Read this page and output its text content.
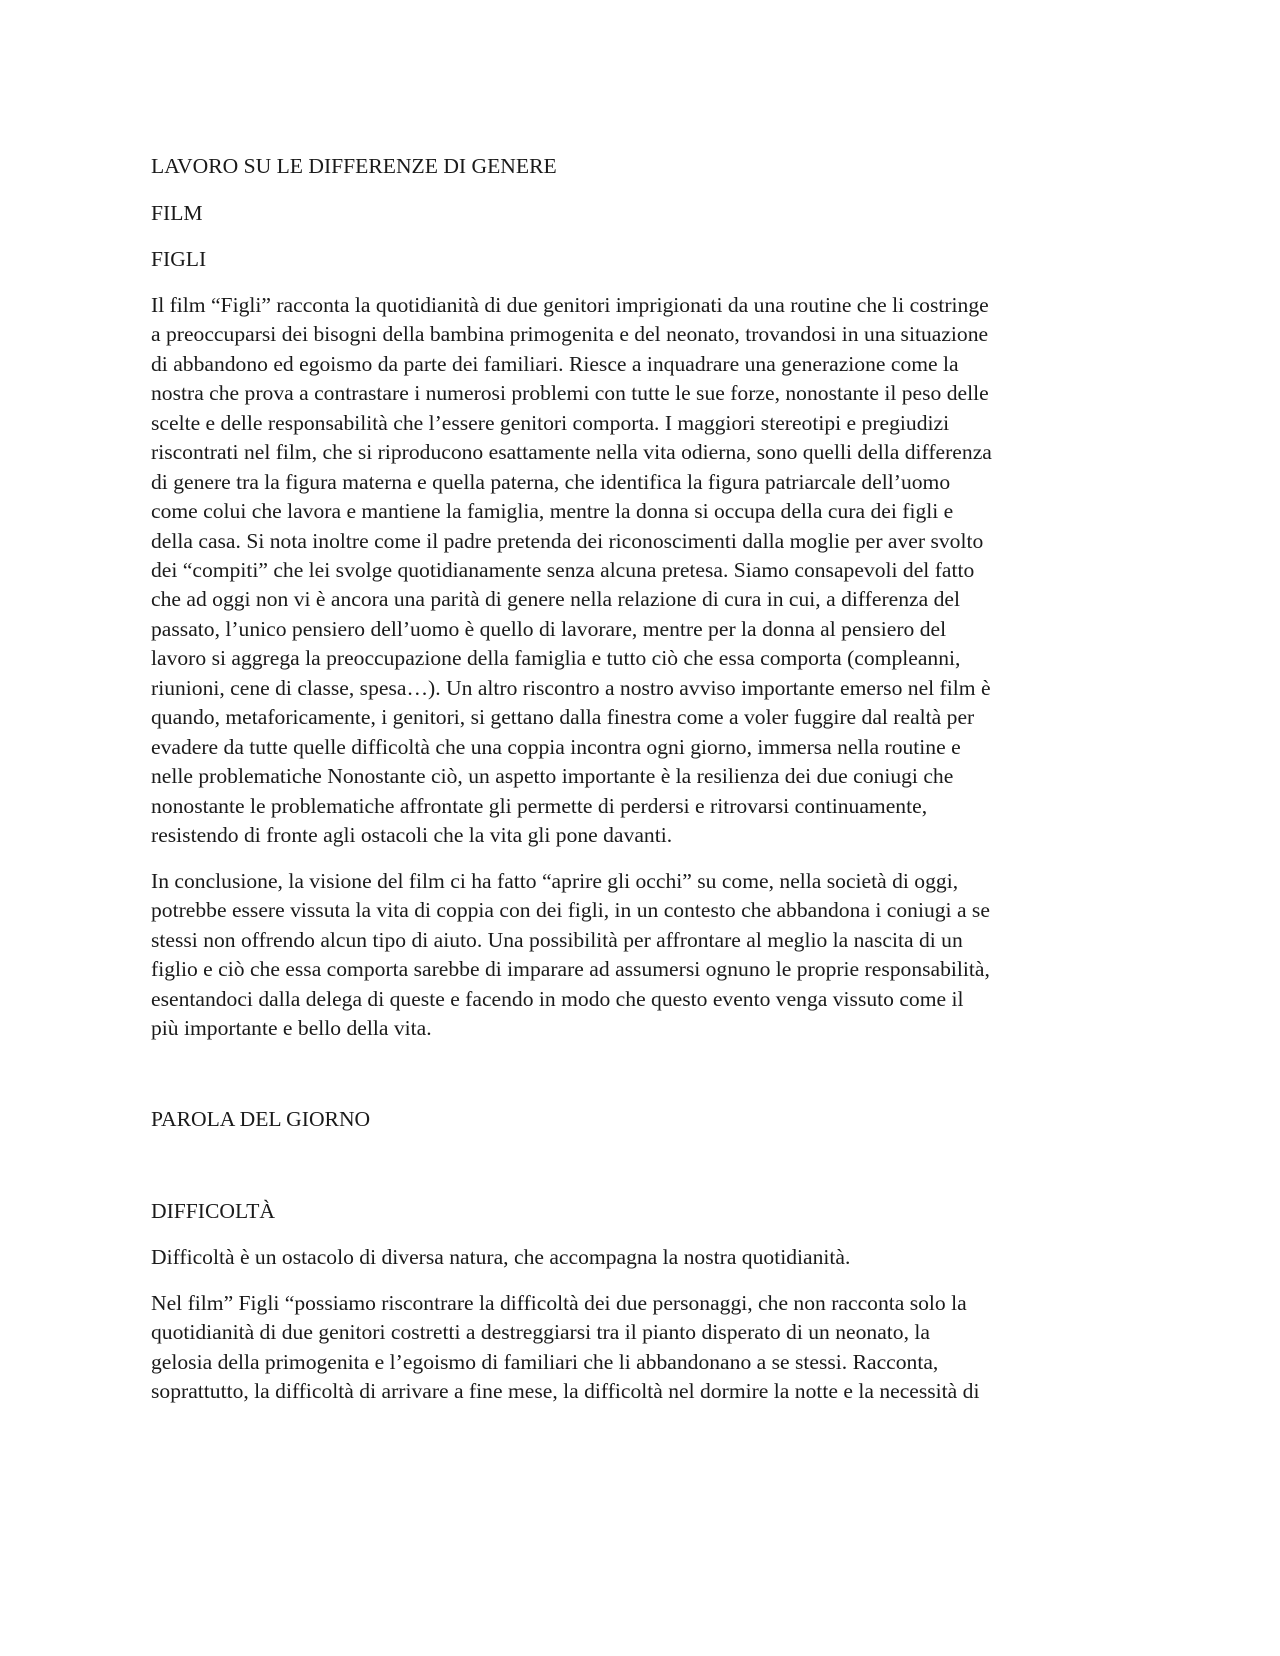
LAVORO SU LE DIFFERENZE DI GENERE
FILM
FIGLI
Il film “Figli” racconta la quotidianità di due genitori imprigionati da una routine che li costringe
a preoccuparsi dei bisogni della bambina primogenita e del neonato, trovandosi in una situazione
di abbandono ed egoismo da parte dei familiari. Riesce a inquadrare una generazione come la
nostra che prova a contrastare i numerosi problemi con tutte le sue forze, nonostante il peso delle
scelte e delle responsabilità che l’essere genitori comporta. I maggiori stereotipi e pregiudizi
riscontrati nel film, che si riproducono esattamente nella vita odierna, sono quelli della differenza
di genere tra la figura materna e quella paterna, che identifica la figura patriarcale dell’uomo
come colui che lavora e mantiene la famiglia, mentre la donna si occupa della cura dei figli e
della casa. Si nota inoltre come il padre pretenda dei riconoscimenti dalla moglie per aver svolto
dei “compiti” che lei svolge quotidianamente senza alcuna pretesa. Siamo consapevoli del fatto
che ad oggi non vi è ancora una parità di genere nella relazione di cura in cui, a differenza del
passato, l’unico pensiero dell’uomo è quello di lavorare, mentre per la donna al pensiero del
lavoro si aggrega la preoccupazione della famiglia e tutto ciò che essa comporta (compleanni,
riunioni, cene di classe, spesa…). Un altro riscontro a nostro avviso importante emerso nel film è
quando, metaforicamente, i genitori, si gettano dalla finestra come a voler fuggire dal realtà per
evadere da tutte quelle difficoltà che una coppia incontra ogni giorno, immersa nella routine e
nelle problematiche Nonostante ciò, un aspetto importante è la resilienza dei due coniugi che
nonostante le problematiche affrontate gli permette di perdersi e ritrovarsi continuamente,
resistendo di fronte agli ostacoli che la vita gli pone davanti.
In conclusione, la visione del film ci ha fatto “aprire gli occhi” su come, nella società di oggi,
potrebbe essere vissuta la vita di coppia con dei figli, in un contesto che abbandona i coniugi a se
stessi non offrendo alcun tipo di aiuto. Una possibilità per affrontare al meglio la nascita di un
figlio e ciò che essa comporta sarebbe di imparare ad assumersi ognuno le proprie responsabilità,
esentandoci dalla delega di queste e facendo in modo che questo evento venga vissuto come il
più importante e bello della vita.
PAROLA DEL GIORNO
DIFFICOLTÀ
Difficoltà è un ostacolo di diversa natura, che accompagna la nostra quotidianità.
Nel film” Figli “possiamo riscontrare la difficoltà dei due personaggi, che non racconta solo la
quotidianità di due genitori costretti a destreggiarsi tra il pianto disperato di un neonato, la
gelosia della primogenita e l’egoismo di familiari che li abbandonano a se stessi. Racconta,
soprattutto, la difficoltà di arrivare a fine mese, la difficoltà nel dormire la notte e la necessità di
